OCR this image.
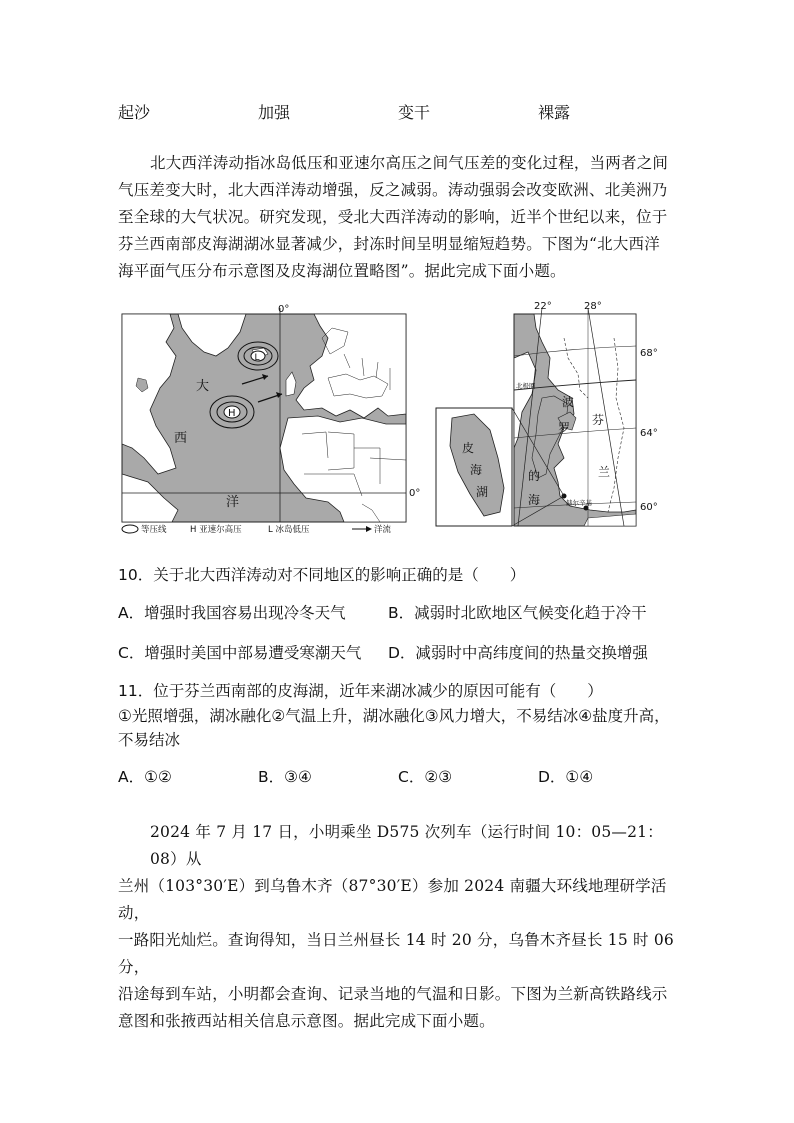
起沙	加强	变干	裸露
北大西洋涛动指冰岛低压和亚速尔高压之间气压差的变化过程，当两者之间
气压差变大时，北大西洋涛动增强，反之减弱。涛动强弱会改变欧洲、北美洲乃
至全球的大气状况。研究发现，受北大西洋涛动的影响，近半个世纪以来，位于
芬兰西南部皮海湖湖冰显著减少，封冻时间呈明显缩短趋势。下图为“北大西洋
海平面气压分布示意图及皮海湖位置略图”。据此完成下面小题。
0°
0°
L
H
大
西
洋
等压线	H 亚速尔高压	L 冰岛低压	洋流
22°	28°
68°
64°
60°
北极圈
波
罗
的
海
芬
兰
赫尔辛基
皮
海
湖
10．关于北大西洋涛动对不同地区的影响正确的是（　　）
A．增强时我国容易出现冷冬天气	B．减弱时北欧地区气候变化趋于冷干
C．增强时美国中部易遭受寒潮天气 D．减弱时中高纬度间的热量交换增强
11．位于芬兰西南部的皮海湖，近年来湖冰减少的原因可能有（　　）
①光照增强，湖冰融化②气温上升，湖冰融化③风力增大，不易结冰④盐度升高，
不易结冰
A．①②	B．③④	C．②③	D．①④
2024 年 7 月 17 日，小明乘坐 D575 次列车（运行时间 10：05—21：08）从
兰州（103°30′E）到乌鲁木齐（87°30′E）参加 2024 南疆大环线地理研学活动，
一路阳光灿烂。查询得知，当日兰州昼长 14 时 20 分，乌鲁木齐昼长 15 时 06 分，
沿途每到车站，小明都会查询、记录当地的气温和日影。下图为兰新高铁路线示
意图和张掖西站相关信息示意图。据此完成下面小题。
